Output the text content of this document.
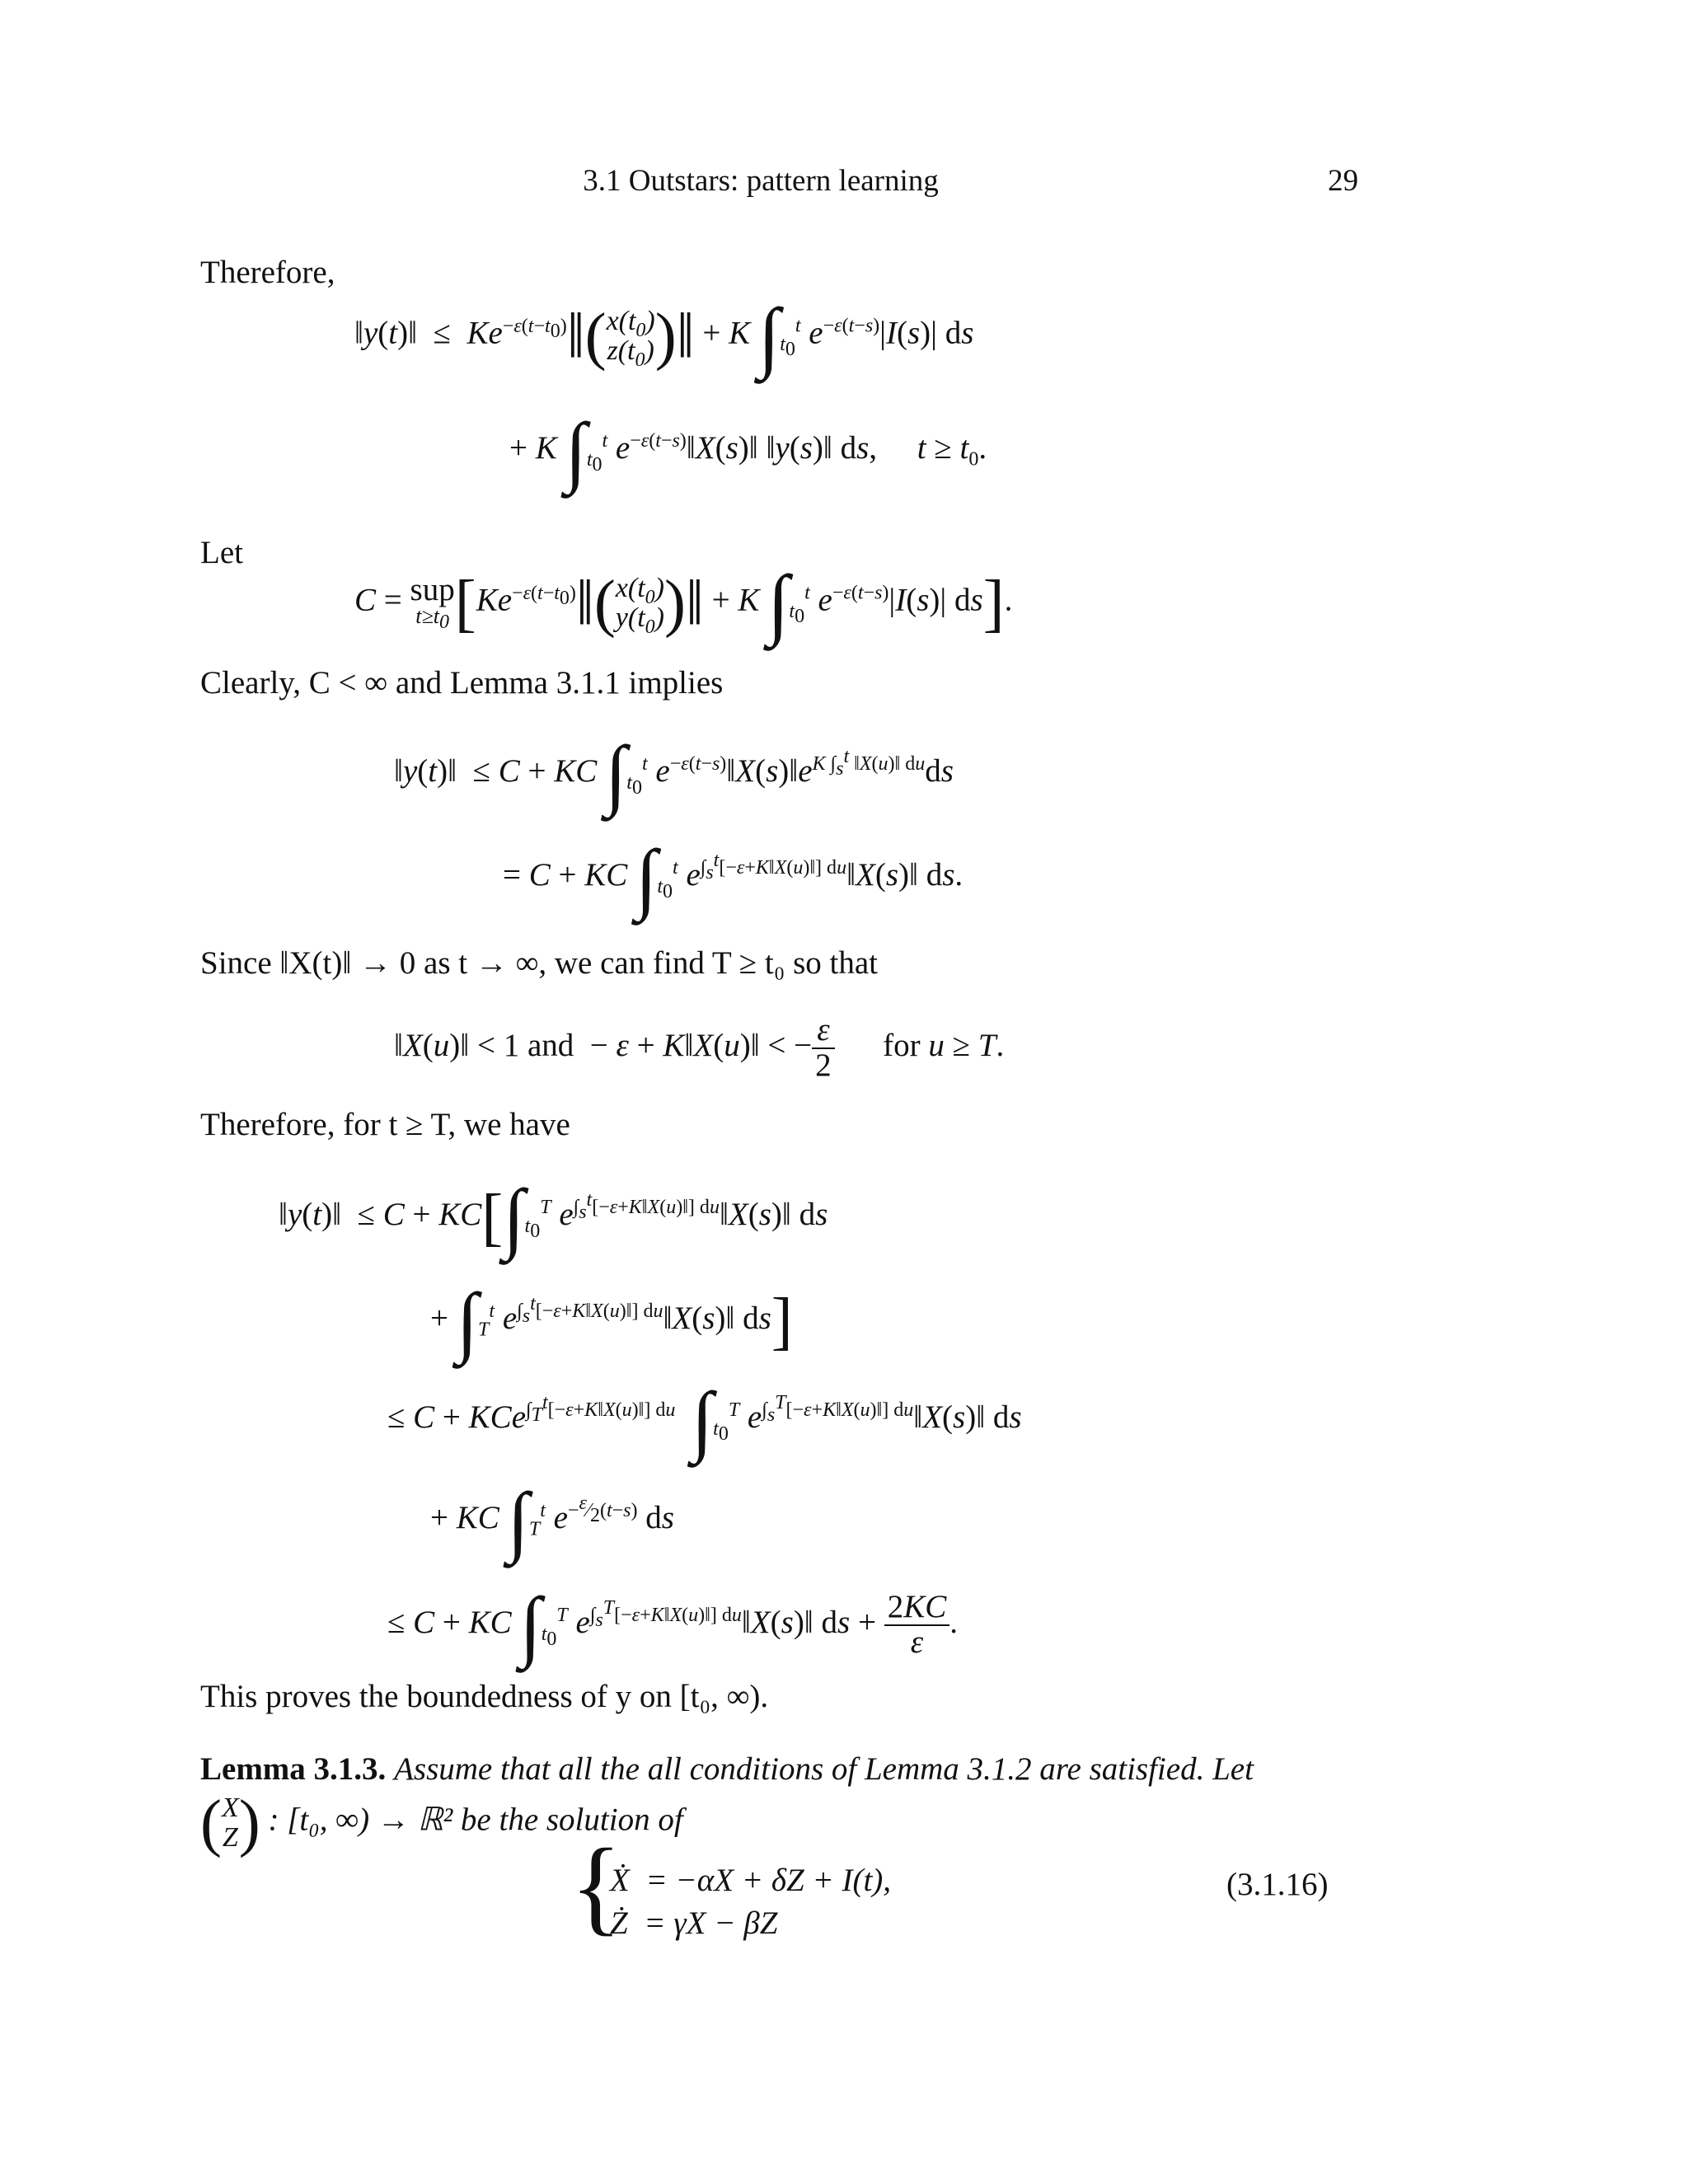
3.1 Outstars: pattern learning	29
Therefore,
‖y(t)‖  ≤  $Ke^{-\varepsilon(t-t_0)}‖$( $x(t_0)$
$z(t_0)$ )‖ + K $\int_{t_0}^t$ $e^{-\varepsilon(t-s)}|I(s)|$ ds
+ K $\int_{t_0}^t$ $e^{-\varepsilon(t-s)}‖X(s)‖$ ‖y(s)‖ ds,     $t \ge t_0$.
Let
C = sup
$t\ge t_0$ [$Ke^{-\varepsilon(t-t_0)}‖$( $x(t_0)$
$y(t_0)$ )‖ + K $\int_{t_0}^t$ $e^{-\varepsilon(t-s)}|I(s)|$ ds].
Clearly, C < ∞ and Lemma 3.1.1 implies
‖y(t)‖  ≤ C + KC $\int_{t_0}^t$ $e^{-\varepsilon(t-s)}‖X(s)‖e^{K \int_s^t ‖X(u)‖ du}ds$
= C + KC $\int_{t_0}^t$ $e^{\int_s^t[-\varepsilon+K‖X(u)‖] du}‖X(s)‖$ ds.
Since ‖X(t)‖ → 0 as t → ∞, we can find T ≥ t₀ so that
‖X(u)‖ < 1 and  − ε + K‖X(u)‖ < − $\frac{\varepsilon}{2}$ for u ≥ T.
Therefore, for t ≥ T, we have
‖y(t)‖  ≤ $C + KC[\int_{t_0}^T$ $e^{\int_s^t[-\varepsilon+K‖X(u)‖] du}‖X(s)‖$ ds
+ $\int_T^t$ $e^{\int_s^t[-\varepsilon+K‖X(u)‖] du}‖X(s)‖$ ds]
≤ C + KCe$^{\int_T^t[-\varepsilon+K‖X(u)‖] du}$ $\int_{t_0}^T$ $e^{\int_s^T[-\varepsilon+K‖X(u)‖] du}‖X(s)‖$ ds
+ KC $\int_T^t$ $e^{-^\varepsilon⁄_2(t-s)}$ ds
≤ C + KC $\int_{t_0}^T$ $e^{\int_s^T[-\varepsilon+K‖X(u)‖] du}‖X(s)‖$ ds + $\frac{2KC}{\varepsilon}$ .
This proves the boundedness of y on [t₀, ∞).
Lemma 3.1.3. Assume that all the all conditions of Lemma 3.1.2 are satisfied. Let
( X
Z ) : [t₀, ∞) → ℝ² be the solution of
{
Ẋ  = −αX + δZ + I(t),
Ż  = γX − βZ
(3.1.16)
